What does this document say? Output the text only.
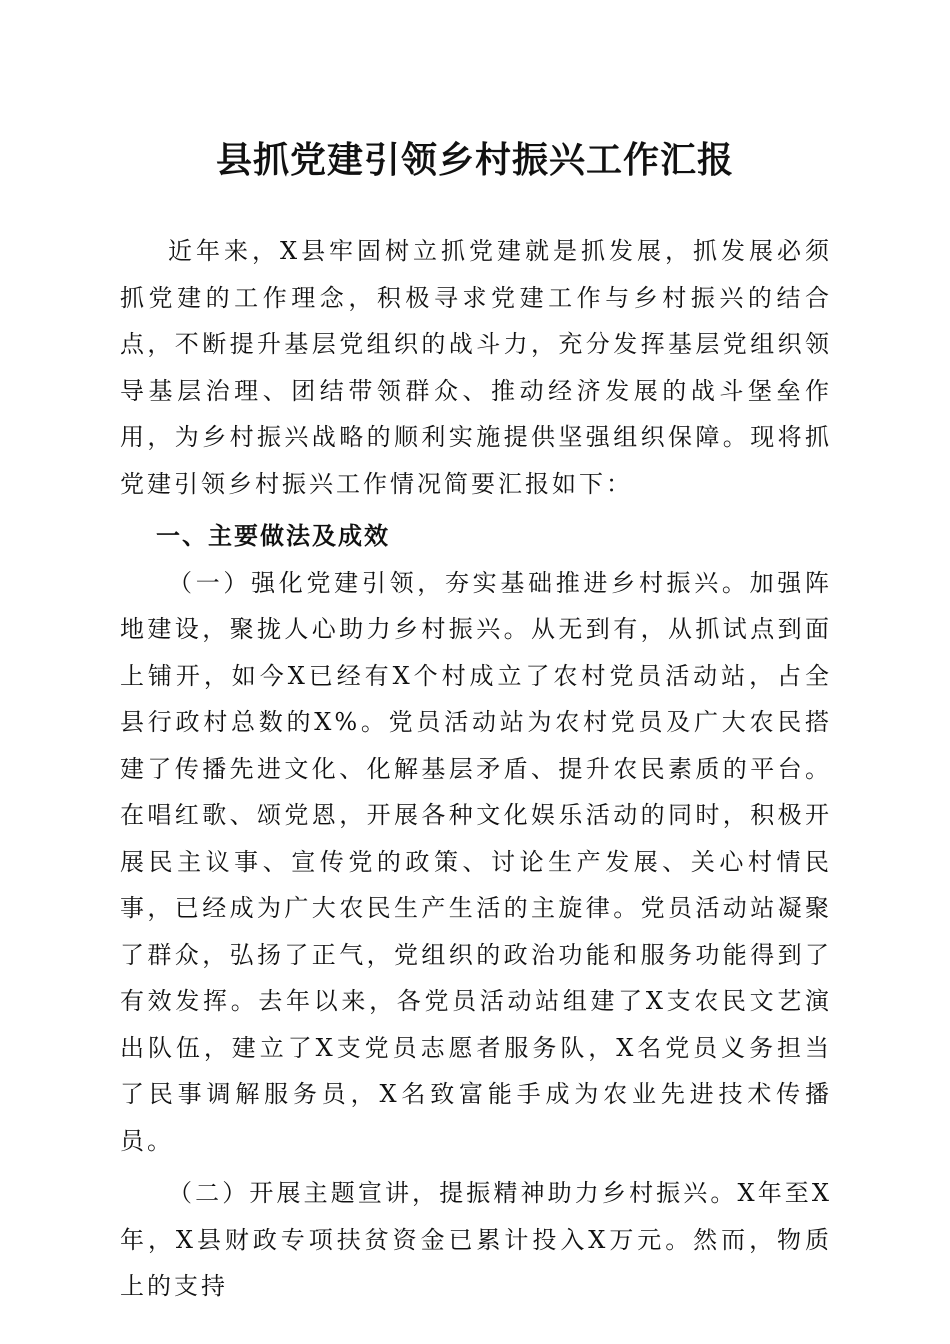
县抓党建引领乡村振兴工作汇报

近年来，X县牢固树立抓党建就是抓发展，抓发展必须抓党建的工作理念，积极寻求党建工作与乡村振兴的结合点，不断提升基层党组织的战斗力，充分发挥基层党组织领导基层治理、团结带领群众、推动经济发展的战斗堡垒作用，为乡村振兴战略的顺利实施提供坚强组织保障。现将抓党建引领乡村振兴工作情况简要汇报如下：

一、主要做法及成效

（一）强化党建引领，夯实基础推进乡村振兴。加强阵地建设，聚拢人心助力乡村振兴。从无到有，从抓试点到面上铺开，如今X已经有X个村成立了农村党员活动站，占全县行政村总数的X%。党员活动站为农村党员及广大农民搭建了传播先进文化、化解基层矛盾、提升农民素质的平台。在唱红歌、颂党恩，开展各种文化娱乐活动的同时，积极开展民主议事、宣传党的政策、讨论生产发展、关心村情民事，已经成为广大农民生产生活的主旋律。党员活动站凝聚了群众，弘扬了正气，党组织的政治功能和服务功能得到了有效发挥。去年以来，各党员活动站组建了X支农民文艺演出队伍，建立了X支党员志愿者服务队，X名党员义务担当了民事调解服务员，X名致富能手成为农业先进技术传播员。

（二）开展主题宣讲，提振精神助力乡村振兴。X年至X年，X县财政专项扶贫资金已累计投入X万元。然而，物质上的支持
